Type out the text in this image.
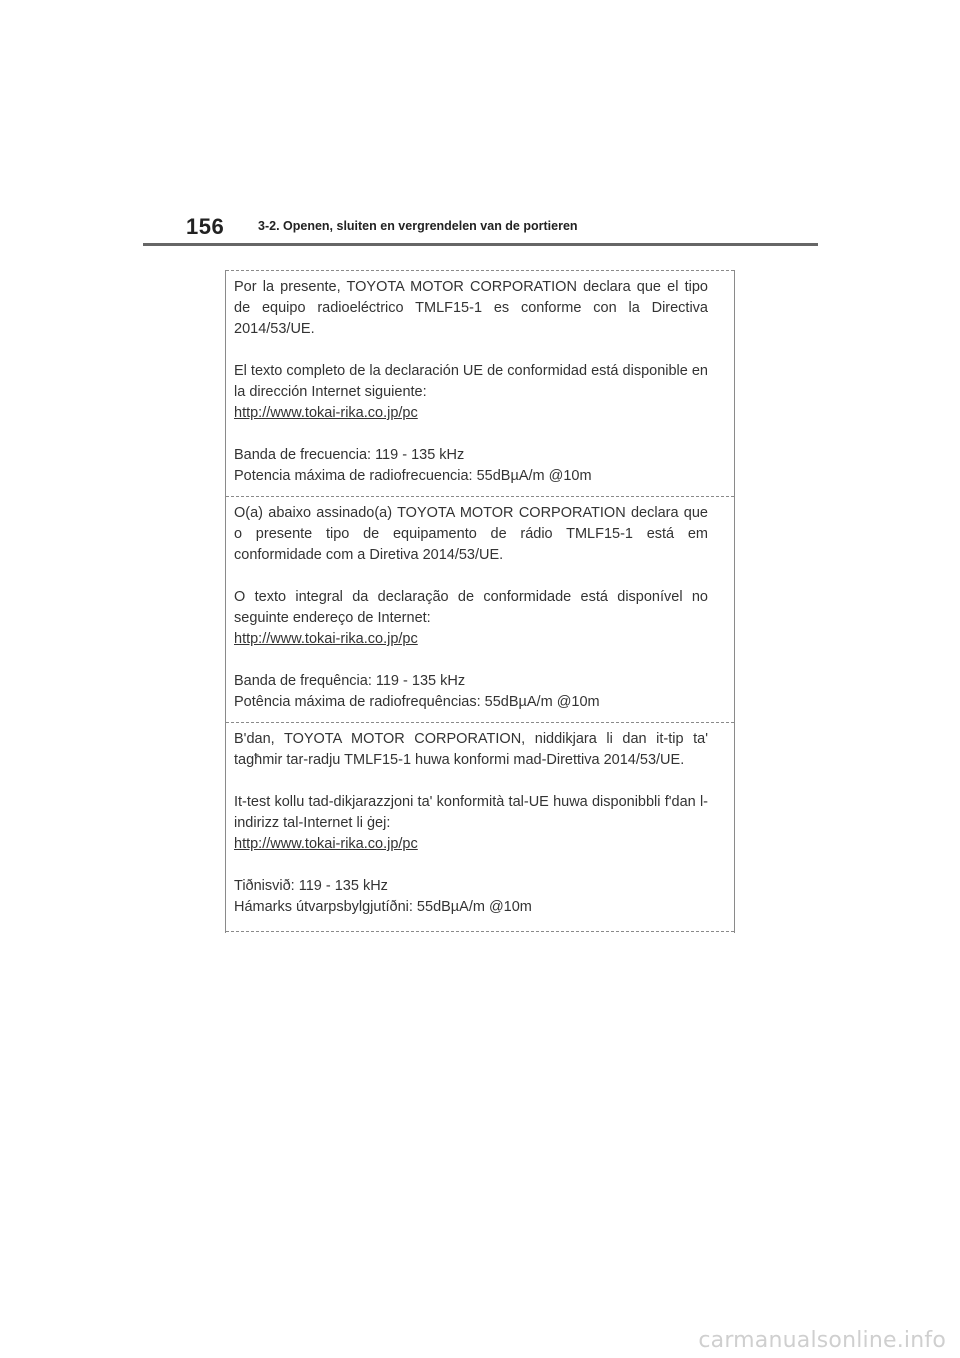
156	3-2. Openen, sluiten en vergrendelen van de portieren

Por la presente, TOYOTA MOTOR CORPORATION declara que el tipo de equipo radioeléctrico TMLF15-1 es conforme con la Directiva 2014/53/UE.

El texto completo de la declaración UE de conformidad está disponible en la dirección Internet siguiente:

http://www.tokai-rika.co.jp/pc

Banda de frecuencia: 119 - 135 kHz

Potencia máxima de radiofrecuencia: 55dBµA/m @10m

O(a) abaixo assinado(a) TOYOTA MOTOR CORPORATION declara que o presente tipo de equipamento de rádio TMLF15-1 está em conformidade com a Diretiva 2014/53/UE.

O texto integral da declaração de conformidade está disponível no seguinte endereço de Internet:

http://www.tokai-rika.co.jp/pc

Banda de frequência: 119 - 135 kHz

Potência máxima de radiofrequências: 55dBµA/m @10m

B'dan, TOYOTA MOTOR CORPORATION, niddikjara li dan it-tip ta' tagħmir tar-radju TMLF15-1 huwa konformi mad-Direttiva 2014/53/UE.

It-test kollu tad-dikjarazzjoni ta' konformità tal-UE huwa disponibbli f'dan l-indirizz tal-Internet li ġej:

http://www.tokai-rika.co.jp/pc

Tiðnisvið: 119 - 135 kHz

Hámarks útvarpsbylgjutíðni: 55dBµA/m @10m

carmanualsonline.info
